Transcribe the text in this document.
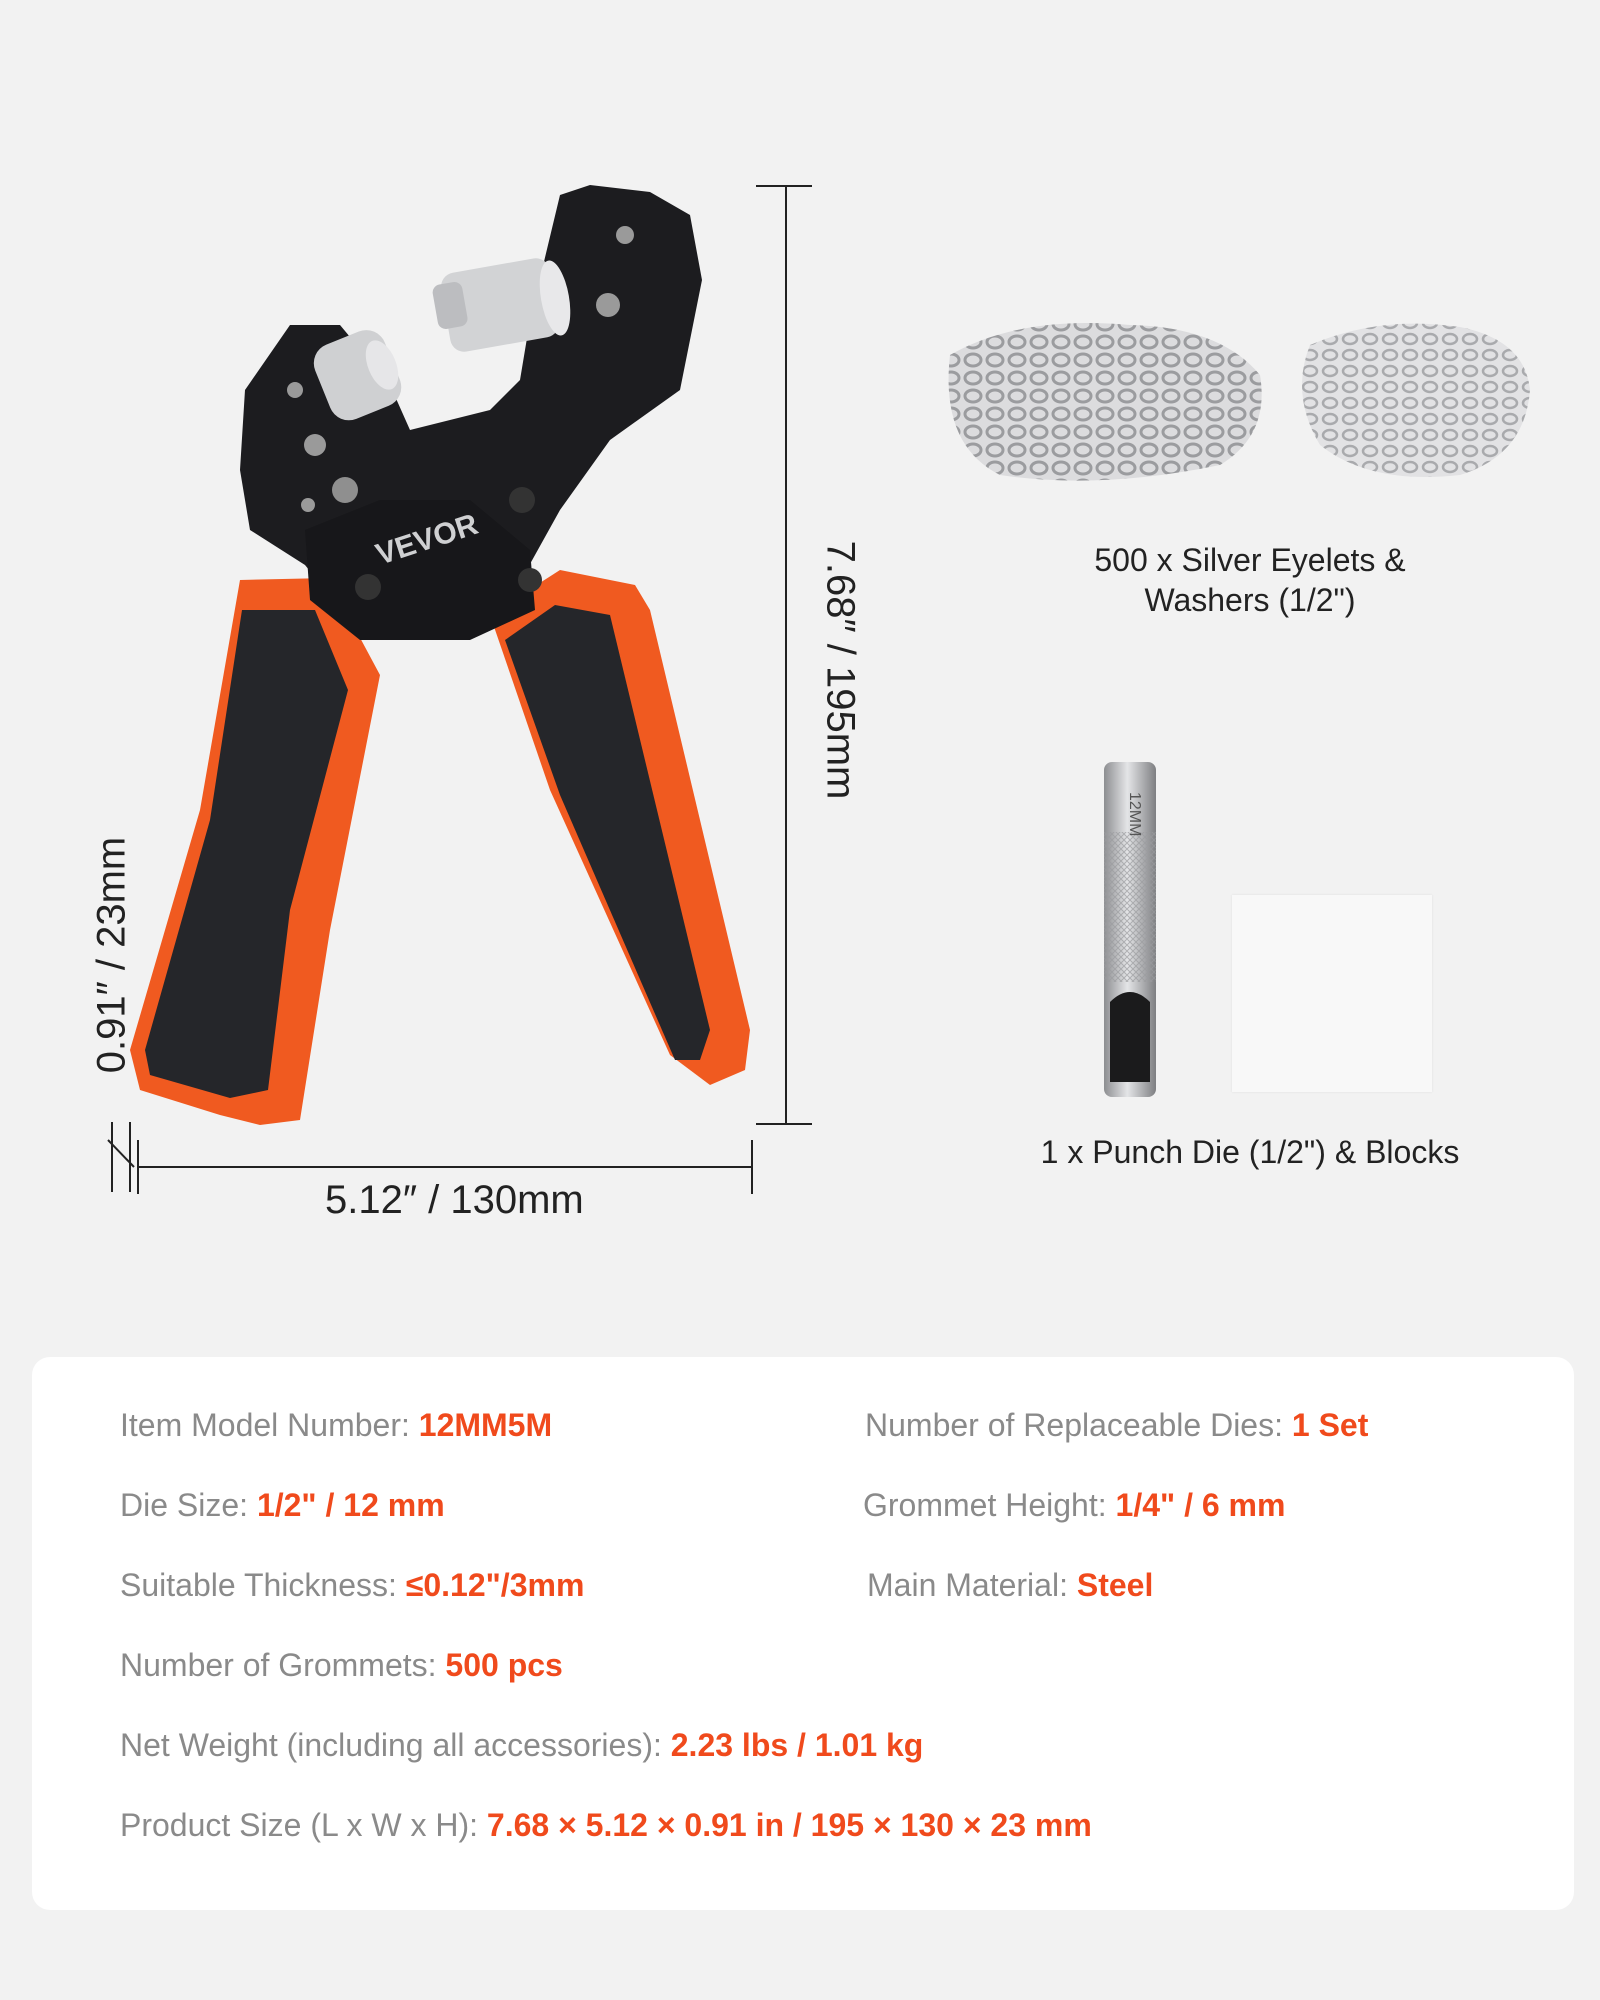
VEVOR
5.12″ / 130mm
7.68″ / 195mm
0.91″ / 23mm
500 x Silver Eyelets &
Washers (1/2")
12MM
1 x Punch Die (1/2") & Blocks
Item Model Number: 12MM5M	Number of Replaceable Dies: 1 Set
Die Size: 1/2" / 12 mm	Grommet Height: 1/4" / 6 mm
Suitable Thickness: ≤0.12"/3mm	Main Material: Steel
Number of Grommets: 500 pcs
Net Weight (including all accessories): 2.23 lbs / 1.01 kg
Product Size (L x W x H): 7.68 × 5.12 × 0.91 in / 195 × 130 × 23 mm
